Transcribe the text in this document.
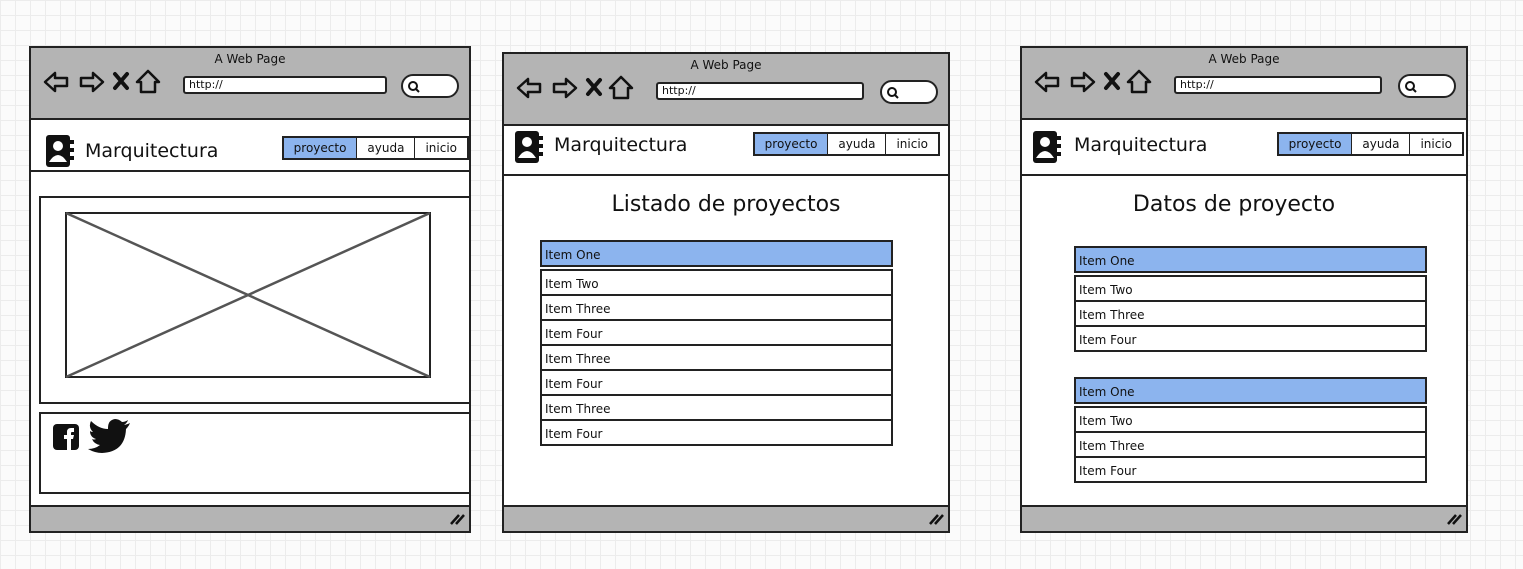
A Web Page
http://
Marquitectura	proyecto	ayuda	inicio
A Web Page
http://
Marquitectura	proyecto	ayuda	inicio
Listado de proyectos
Item One
Item Two
Item Three
Item Four
Item Three
Item Four
Item Three
Item Four
A Web Page
http://
Marquitectura	proyecto	ayuda	inicio
Datos de proyecto
Item One
Item Two
Item Three
Item Four
Item One
Item Two
Item Three
Item Four
